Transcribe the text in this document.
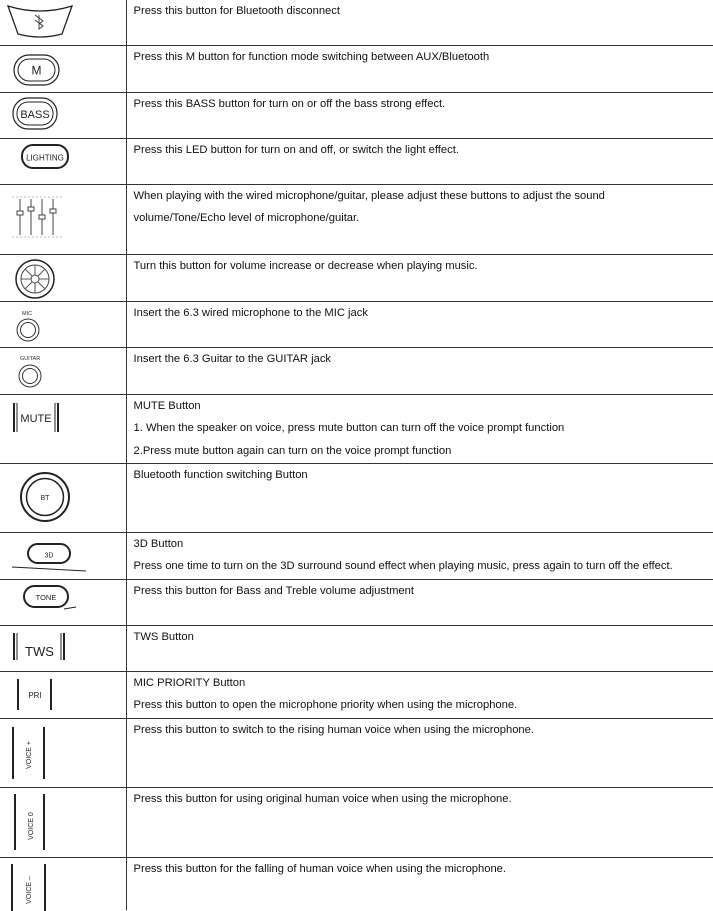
Press this button for Bluetooth disconnect

M	Press this M button for function mode switching between AUX/Bluetooth

BASS	Press this BASS button for turn on or off the bass strong effect.

LIGHTING	Press this LED button for turn on and off, or switch the light effect.

When playing with the wired microphone/guitar, please adjust these buttons to adjust the sound
volume/Tone/Echo level of microphone/guitar.

Turn this button for volume increase or decrease when playing music.

MIC	Insert the 6.3 wired microphone to the MIC jack

GUITAR	Insert the 6.3 Guitar to the GUITAR jack

MUTE	MUTE Button
1. When the speaker on voice, press mute button can turn off the voice prompt function
2.Press mute button again can turn on the voice prompt function

BT	Bluetooth function switching Button

3D	3D Button
Press one time to turn on the 3D surround sound effect when playing music, press again to turn off the effect.

TONE	Press this button for Bass and Treble volume adjustment

TWS	TWS Button

PRI	MIC PRIORITY Button
Press this button to open the microphone priority when using the microphone.

VOICE +	Press this button to switch to the rising human voice when using the microphone.

VOICE 0	Press this button for using original human voice when using the microphone.

VOICE –	Press this button for the falling of human voice when using the microphone.
